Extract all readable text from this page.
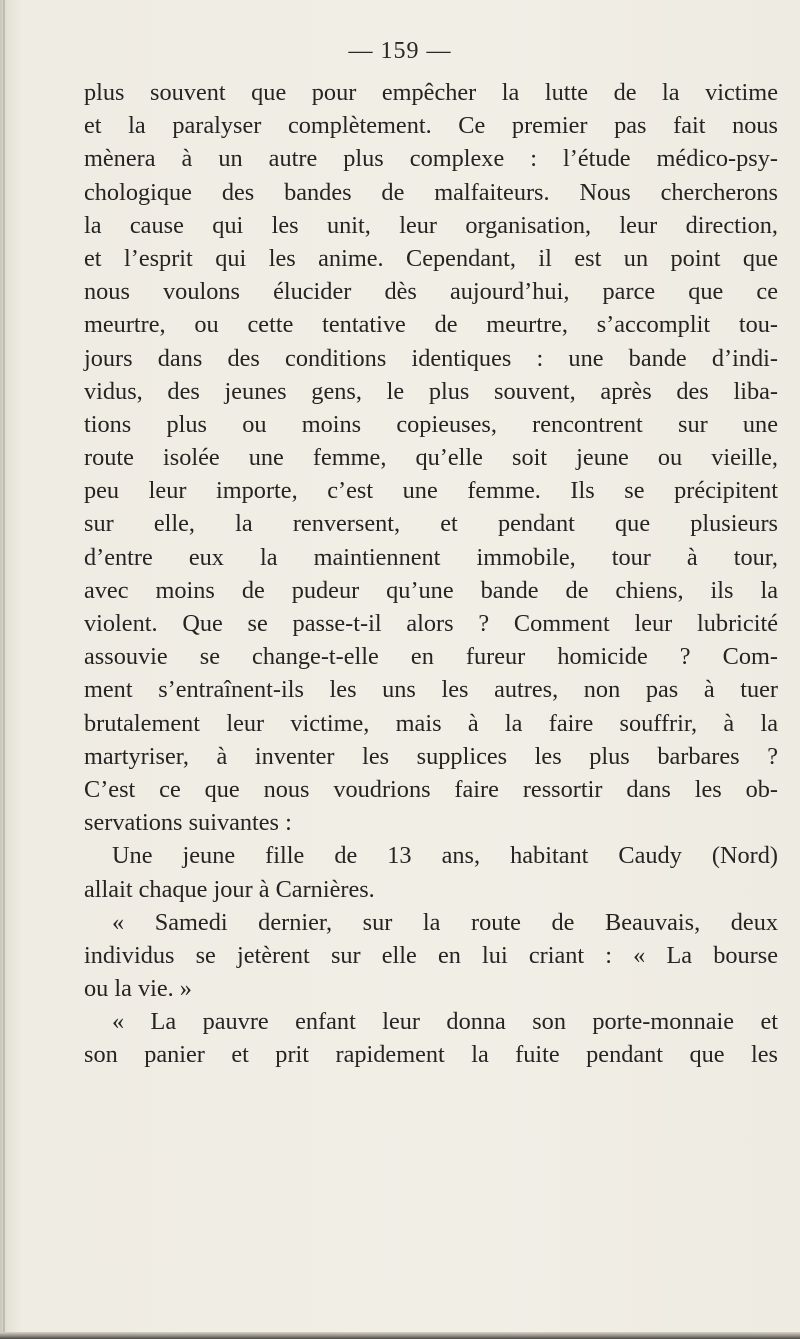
— 159 —
plus souvent que pour empêcher la lutte de la victime
et la paralyser complètement. Ce premier pas fait nous
mènera à un autre plus complexe : l’étude médico-psy-
chologique des bandes de malfaiteurs. Nous chercherons
la cause qui les unit, leur organisation, leur direction,
et l’esprit qui les anime. Cependant, il est un point que
nous voulons élucider dès aujourd’hui, parce que ce
meurtre, ou cette tentative de meurtre, s’accomplit tou-
jours dans des conditions identiques : une bande d’indi-
vidus, des jeunes gens, le plus souvent, après des liba-
tions plus ou moins copieuses, rencontrent sur une
route isolée une femme, qu’elle soit jeune ou vieille,
peu leur importe, c’est une femme. Ils se précipitent
sur elle, la renversent, et pendant que plusieurs
d’entre eux la maintiennent immobile, tour à tour,
avec moins de pudeur qu’une bande de chiens, ils la
violent. Que se passe-t-il alors ? Comment leur lubricité
assouvie se change-t-elle en fureur homicide ? Com-
ment s’entraînent-ils les uns les autres, non pas à tuer
brutalement leur victime, mais à la faire souffrir, à la
martyriser, à inventer les supplices les plus barbares ?
C’est ce que nous voudrions faire ressortir dans les ob-
servations suivantes :
Une jeune fille de 13 ans, habitant Caudy (Nord)
allait chaque jour à Carnières.
« Samedi dernier, sur la route de Beauvais, deux
individus se jetèrent sur elle en lui criant : « La bourse
ou la vie. »
« La pauvre enfant leur donna son porte-monnaie et
son panier et prit rapidement la fuite pendant que les
